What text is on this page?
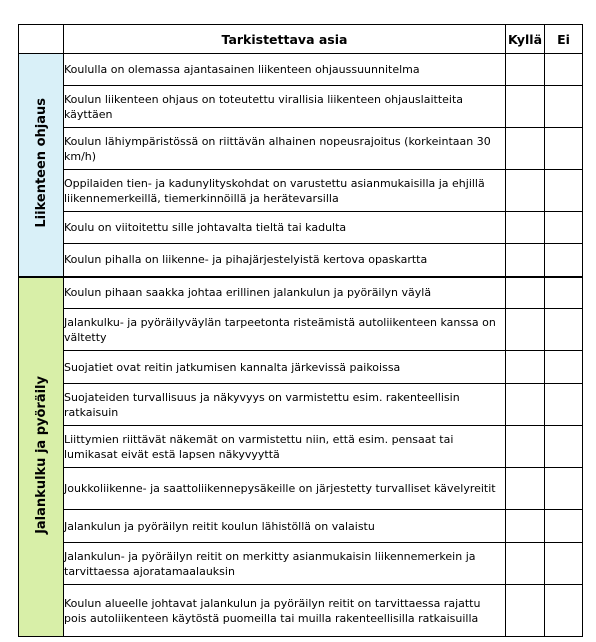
	Tarkistettava asia	Kyllä	Ei
Liikenteen ohjaus	Koululla on olemassa ajantasainen liikenteen ohjaussuunnitelma		
	Koulun liikenteen ohjaus on toteutettu virallisia liikenteen ohjauslaitteita käyttäen		
	Koulun lähiympäristössä on riittävän alhainen nopeusrajoitus (korkeintaan 30 km/h)		
	Oppilaiden tien- ja kadunylityskohdat on varustettu asianmukaisilla ja ehjillä liikennemerkeillä, tiemerkinnöillä ja herätevarsilla		
	Koulu on viitoitettu sille johtavalta tieltä tai kadulta		
	Koulun pihalla on liikenne- ja pihajärjestelyistä kertova opaskartta		
Jalankulku ja pyöräily	Koulun pihaan saakka johtaa erillinen jalankulun ja pyöräilyn väylä		
	Jalankulku- ja pyöräilyväylän tarpeetonta risteämistä autoliikenteen kanssa on vältetty		
	Suojatiet ovat reitin jatkumisen kannalta järkevissä paikoissa		
	Suojateiden turvallisuus ja näkyvyys on varmistettu esim. rakenteellisin ratkaisuin		
	Liittymien riittävät näkemät on varmistettu niin, että esim. pensaat tai lumikasat eivät estä lapsen näkyvyyttä		
	Joukkoliikenne- ja saattoliikennepysäkeille on järjestetty turvalliset kävelyreitit		
	Jalankulun ja pyöräilyn reitit koulun lähistöllä on valaistu		
	Jalankulun- ja pyöräilyn reitit on merkitty asianmukaisin liikennemerkein ja tarvittaessa ajoratamaalauksin		
	Koulun alueelle johtavat jalankulun ja pyöräilyn reitit on tarvittaessa rajattu pois autoliikenteen käytöstä puomeilla tai muilla rakenteellisilla ratkaisuilla		
